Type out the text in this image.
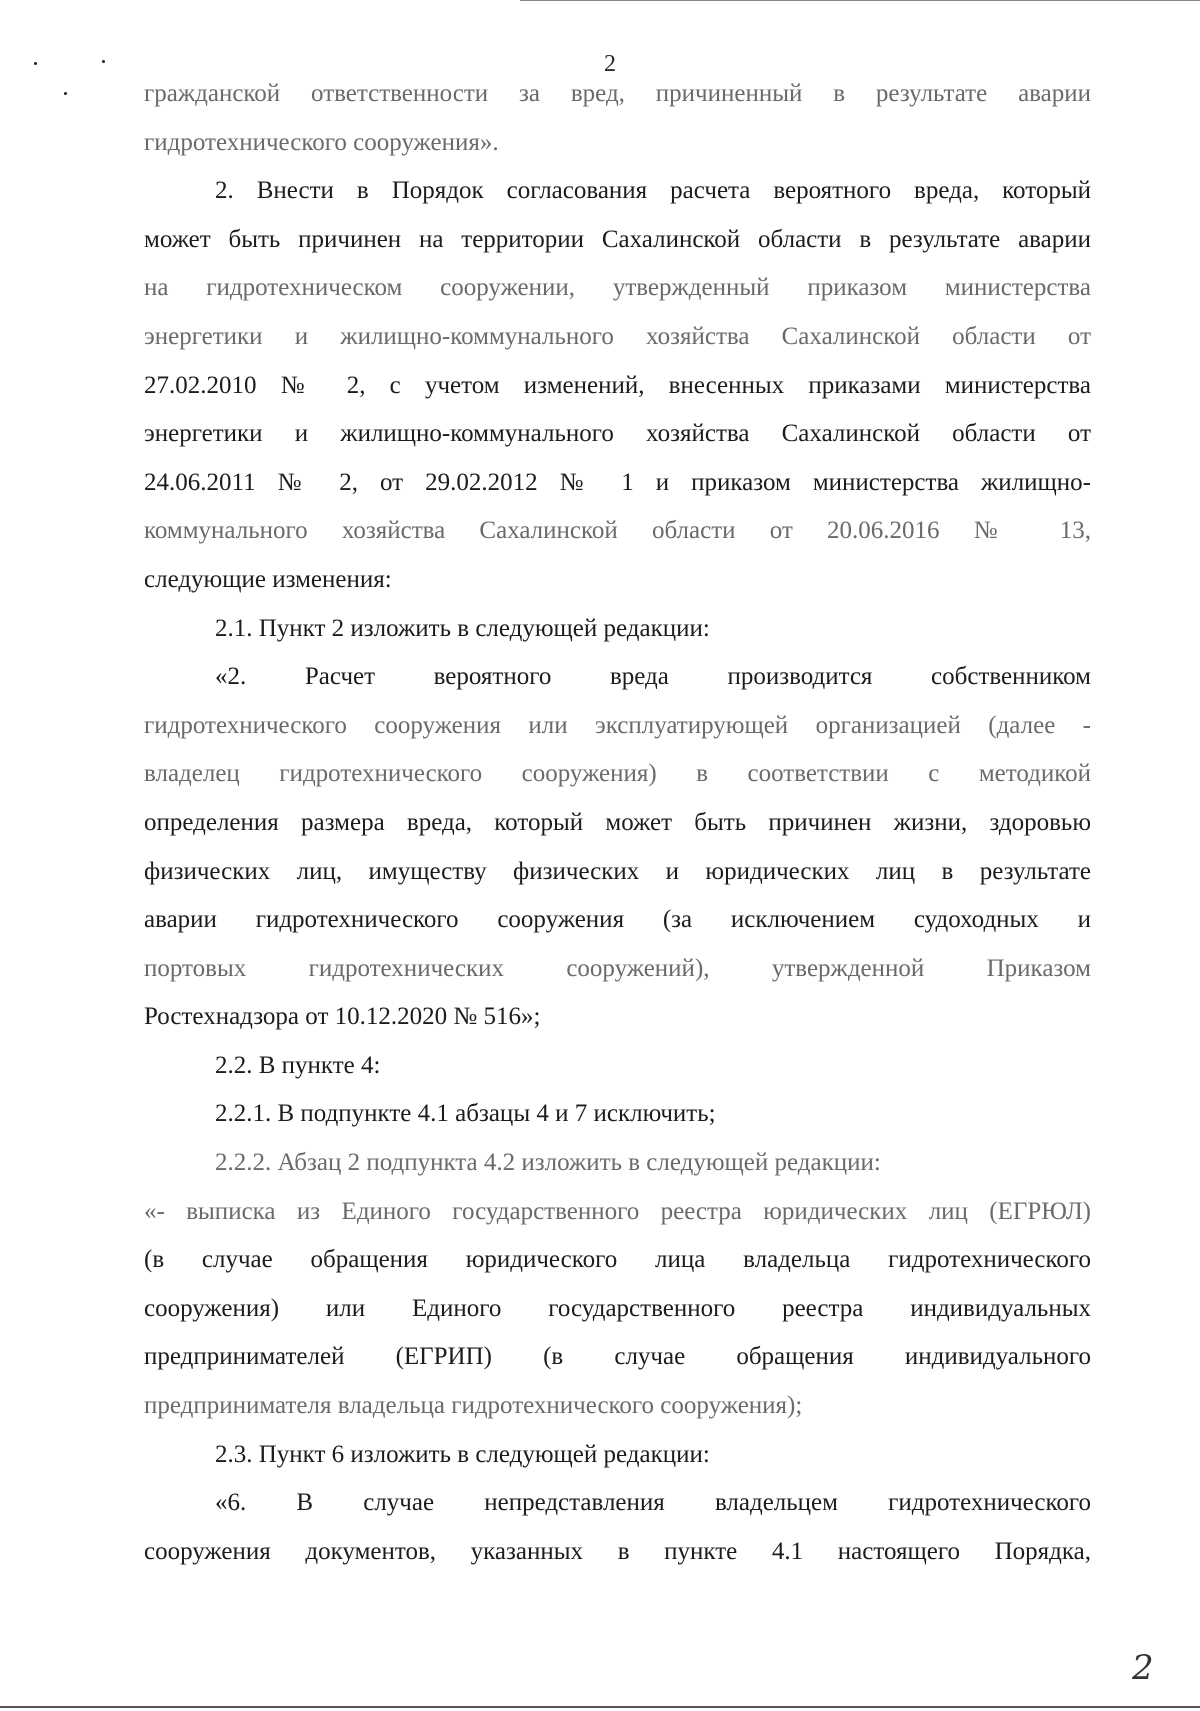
2
гражданской ответственности за вред, причиненный в результате аварии
гидротехнического сооружения».
2. Внести в Порядок согласования расчета вероятного вреда, который
может быть причинен на территории Сахалинской области в результате аварии
на гидротехническом сооружении, утвержденный приказом министерства
энергетики и жилищно-коммунального хозяйства Сахалинской области от
27.02.2010 № 2, с учетом изменений, внесенных приказами министерства
энергетики и жилищно-коммунального хозяйства Сахалинской области от
24.06.2011 № 2, от 29.02.2012 № 1 и приказом министерства жилищно-
коммунального хозяйства Сахалинской области от 20.06.2016 № 13,
следующие изменения:
2.1. Пункт 2 изложить в следующей редакции:
«2. Расчет вероятного вреда производится собственником
гидротехнического сооружения или эксплуатирующей организацией (далее -
владелец гидротехнического сооружения) в соответствии с методикой
определения размера вреда, который может быть причинен жизни, здоровью
физических лиц, имуществу физических и юридических лиц в результате
аварии гидротехнического сооружения (за исключением судоходных и
портовых гидротехнических сооружений), утвержденной Приказом
Ростехнадзора от 10.12.2020 № 516»;
2.2. В пункте 4:
2.2.1. В подпункте 4.1 абзацы 4 и 7 исключить;
2.2.2. Абзац 2 подпункта 4.2 изложить в следующей редакции:
«- выписка из Единого государственного реестра юридических лиц (ЕГРЮЛ)
(в случае обращения юридического лица владельца гидротехнического
сооружения) или Единого государственного реестра индивидуальных
предпринимателей (ЕГРИП) (в случае обращения индивидуального
предпринимателя владельца гидротехнического сооружения);
2.3. Пункт 6 изложить в следующей редакции:
«6. В случае непредставления владельцем гидротехнического
сооружения документов, указанных в пункте 4.1 настоящего Порядка,
2
